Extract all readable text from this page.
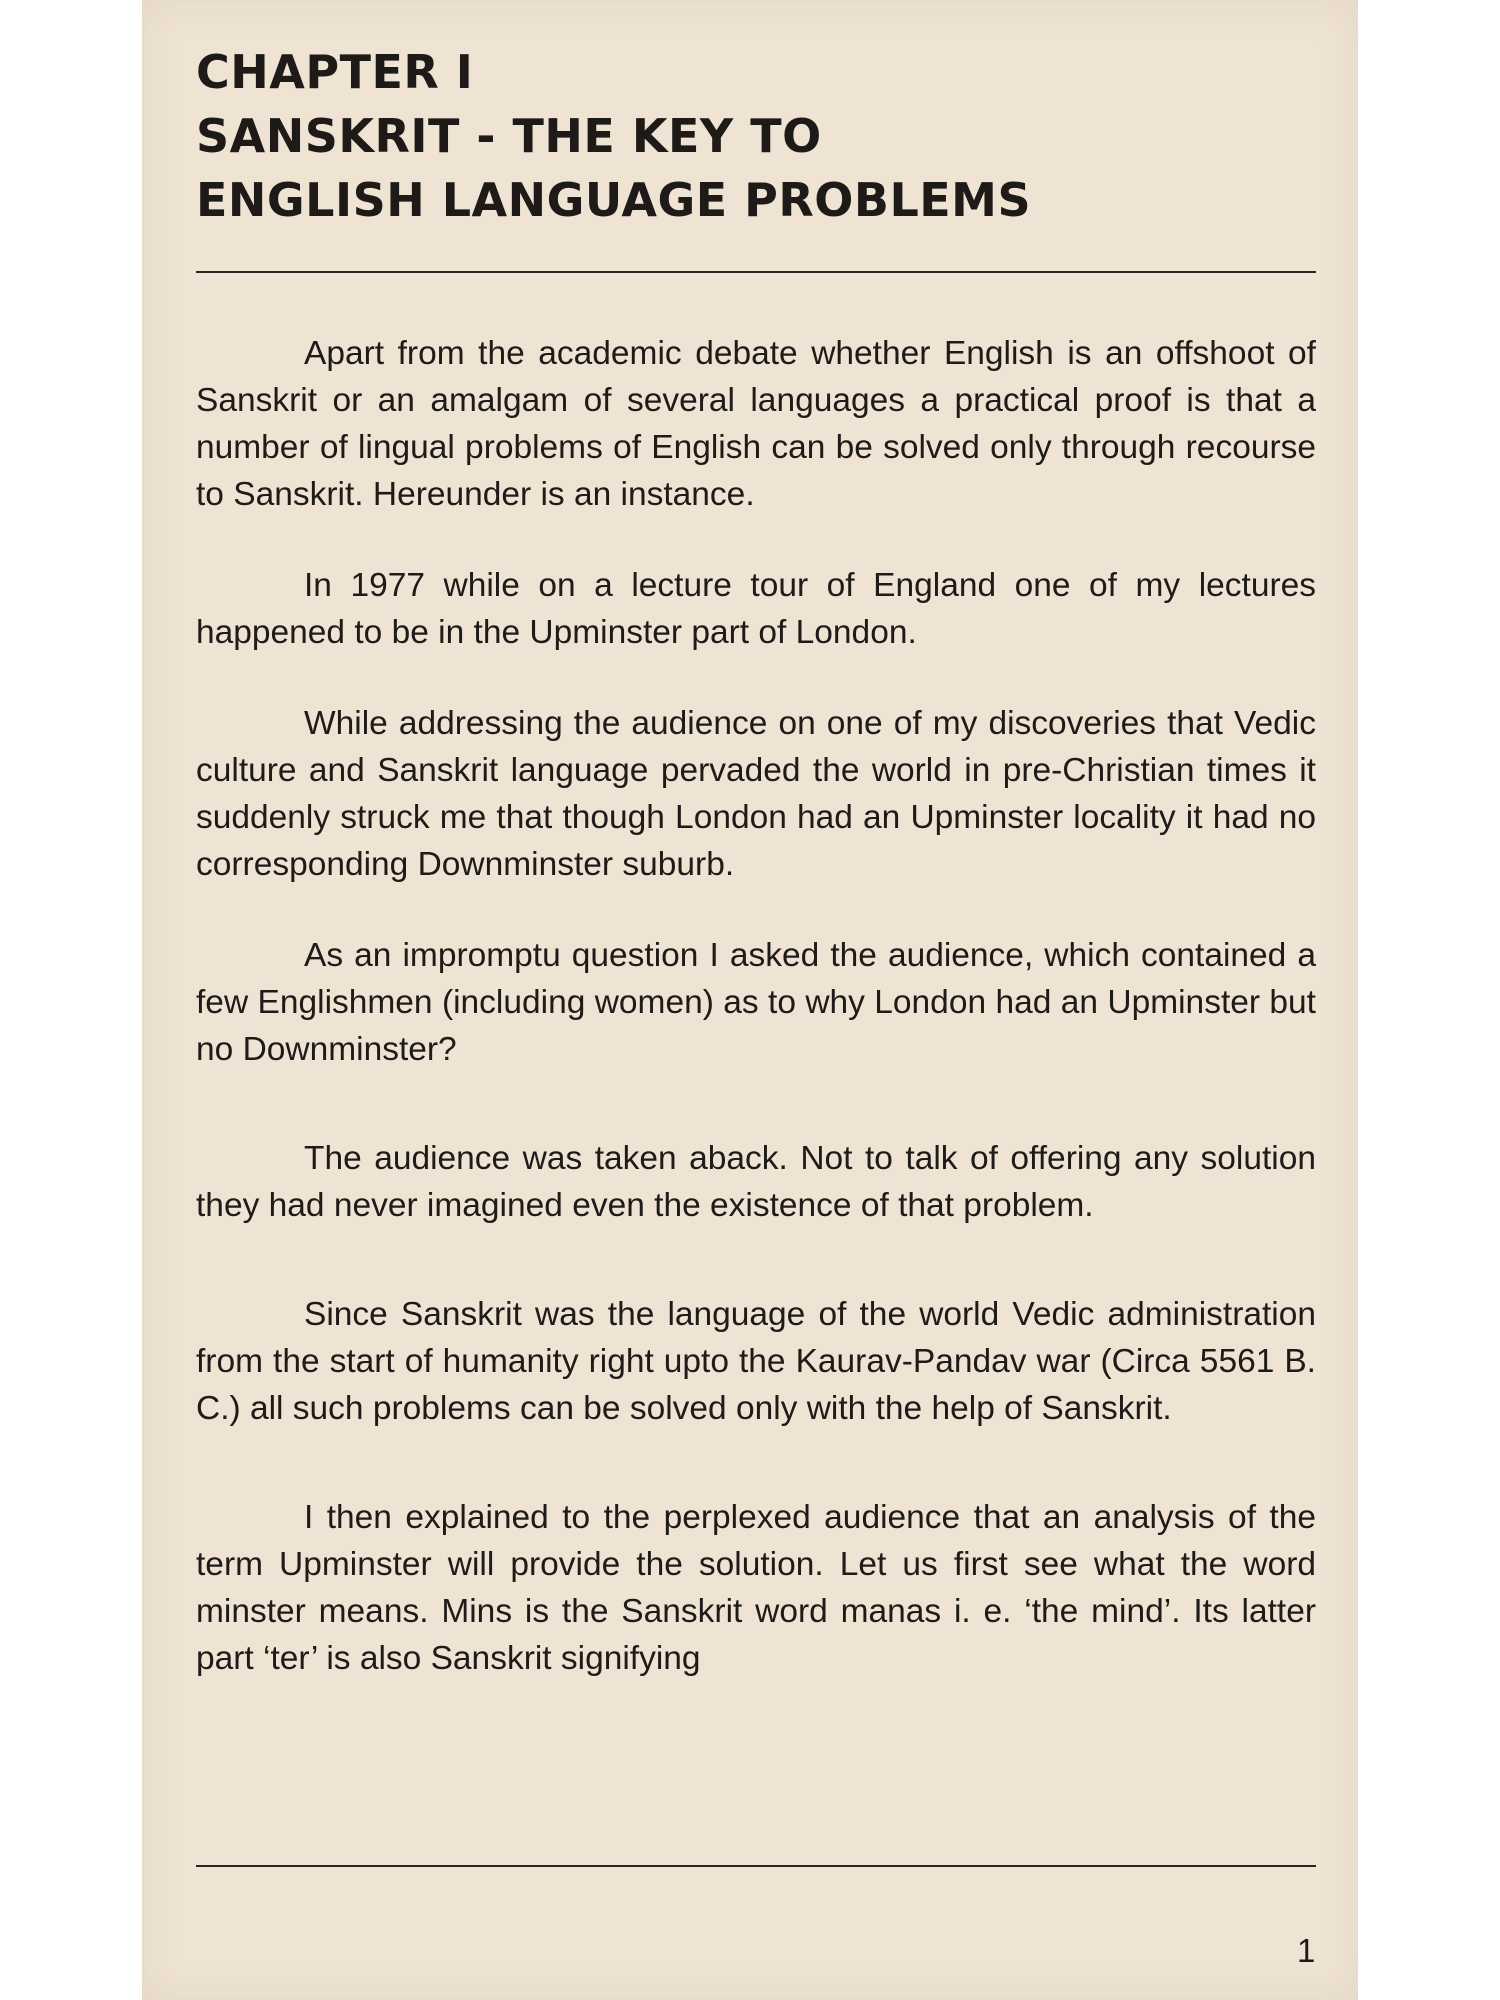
CHAPTER I
SANSKRIT - THE KEY TO
ENGLISH LANGUAGE PROBLEMS

Apart from the academic debate whether English is an offshoot of Sanskrit or an amalgam of several languages a practical proof is that a number of lingual problems of English can be solved only through recourse to Sanskrit. Hereunder is an instance.

In 1977 while on a lecture tour of England one of my lectures happened to be in the Upminster part of London.

While addressing the audience on one of my discoveries that Vedic culture and Sanskrit language pervaded the world in pre-Christian times it suddenly struck me that though London had an Upminster locality it had no corresponding Downminster suburb.

As an impromptu question I asked the audience, which contained a few Englishmen (including women) as to why London had an Upminster but no Downminster?

The audience was taken aback. Not to talk of offering any solution they had never imagined even the existence of that problem.

Since Sanskrit was the language of the world Vedic administration from the start of humanity right upto the Kaurav-Pandav war (Circa 5561 B. C.) all such problems can be solved only with the help of Sanskrit.

I then explained to the perplexed audience that an analysis of the term Upminster will provide the solution. Let us first see what the word minster means. Mins is the Sanskrit word manas i. e. ‘the mind’. Its latter part ‘ter’ is also Sanskrit signifying

1
